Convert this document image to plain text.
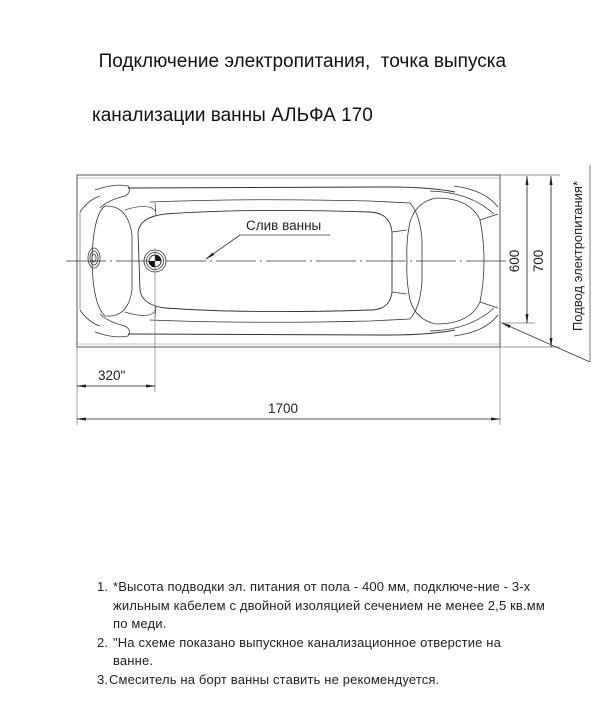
Подключение электропитания,  точка выпуска

канализации ванны АЛЬФА 170

Слив ванны
320"
1700
600 700 Подвод электропитания*
1. *Высота подводки эл. питания от пола - 400 мм, подключе-ние - 3-х жильным кабелем с двойной изоляцией сечением не менее 2,5 кв.мм по меди.
2. "На схеме показано выпускное канализационное отверстие на ванне.
3. Смеситель на борт ванны ставить не рекомендуется.
